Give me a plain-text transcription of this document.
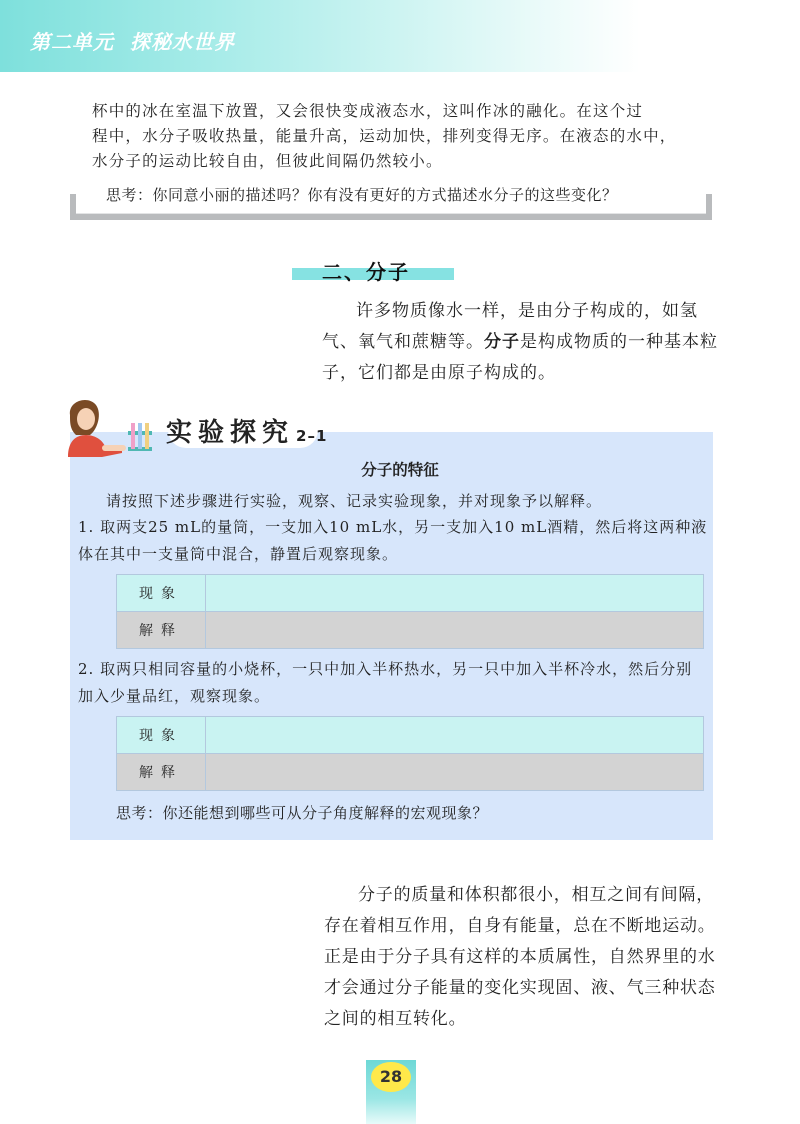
第二单元 探秘水世界
杯中的冰在室温下放置，又会很快变成液态水，这叫作冰的融化。在这个过
程中，水分子吸收热量，能量升高，运动加快，排列变得无序。在液态的水中，
水分子的运动比较自由，但彼此间隔仍然较小。
思考：你同意小丽的描述吗？你有没有更好的方式描述水分子的这些变化？
二、分子
许多物质像水一样，是由分子构成的，如氢气、氧气和蔗糖等。分子是构成物质的一种基本粒子，它们都是由原子构成的。
实验探究 2–1
分子的特征
请按照下述步骤进行实验，观察、记录实验现象，并对现象予以解释。
1. 取两支25 mL的量筒，一支加入10 mL水，另一支加入10 mL酒精，然后将这两种液体在其中一支量筒中混合，静置后观察现象。
现象
解释
2. 取两只相同容量的小烧杯，一只中加入半杯热水，另一只中加入半杯冷水，然后分别加入少量品红，观察现象。
现象
解释
思考：你还能想到哪些可从分子角度解释的宏观现象？
分子的质量和体积都很小，相互之间有间隔，存在着相互作用，自身有能量，总在不断地运动。正是由于分子具有这样的本质属性，自然界里的水才会通过分子能量的变化实现固、液、气三种状态之间的相互转化。
28
